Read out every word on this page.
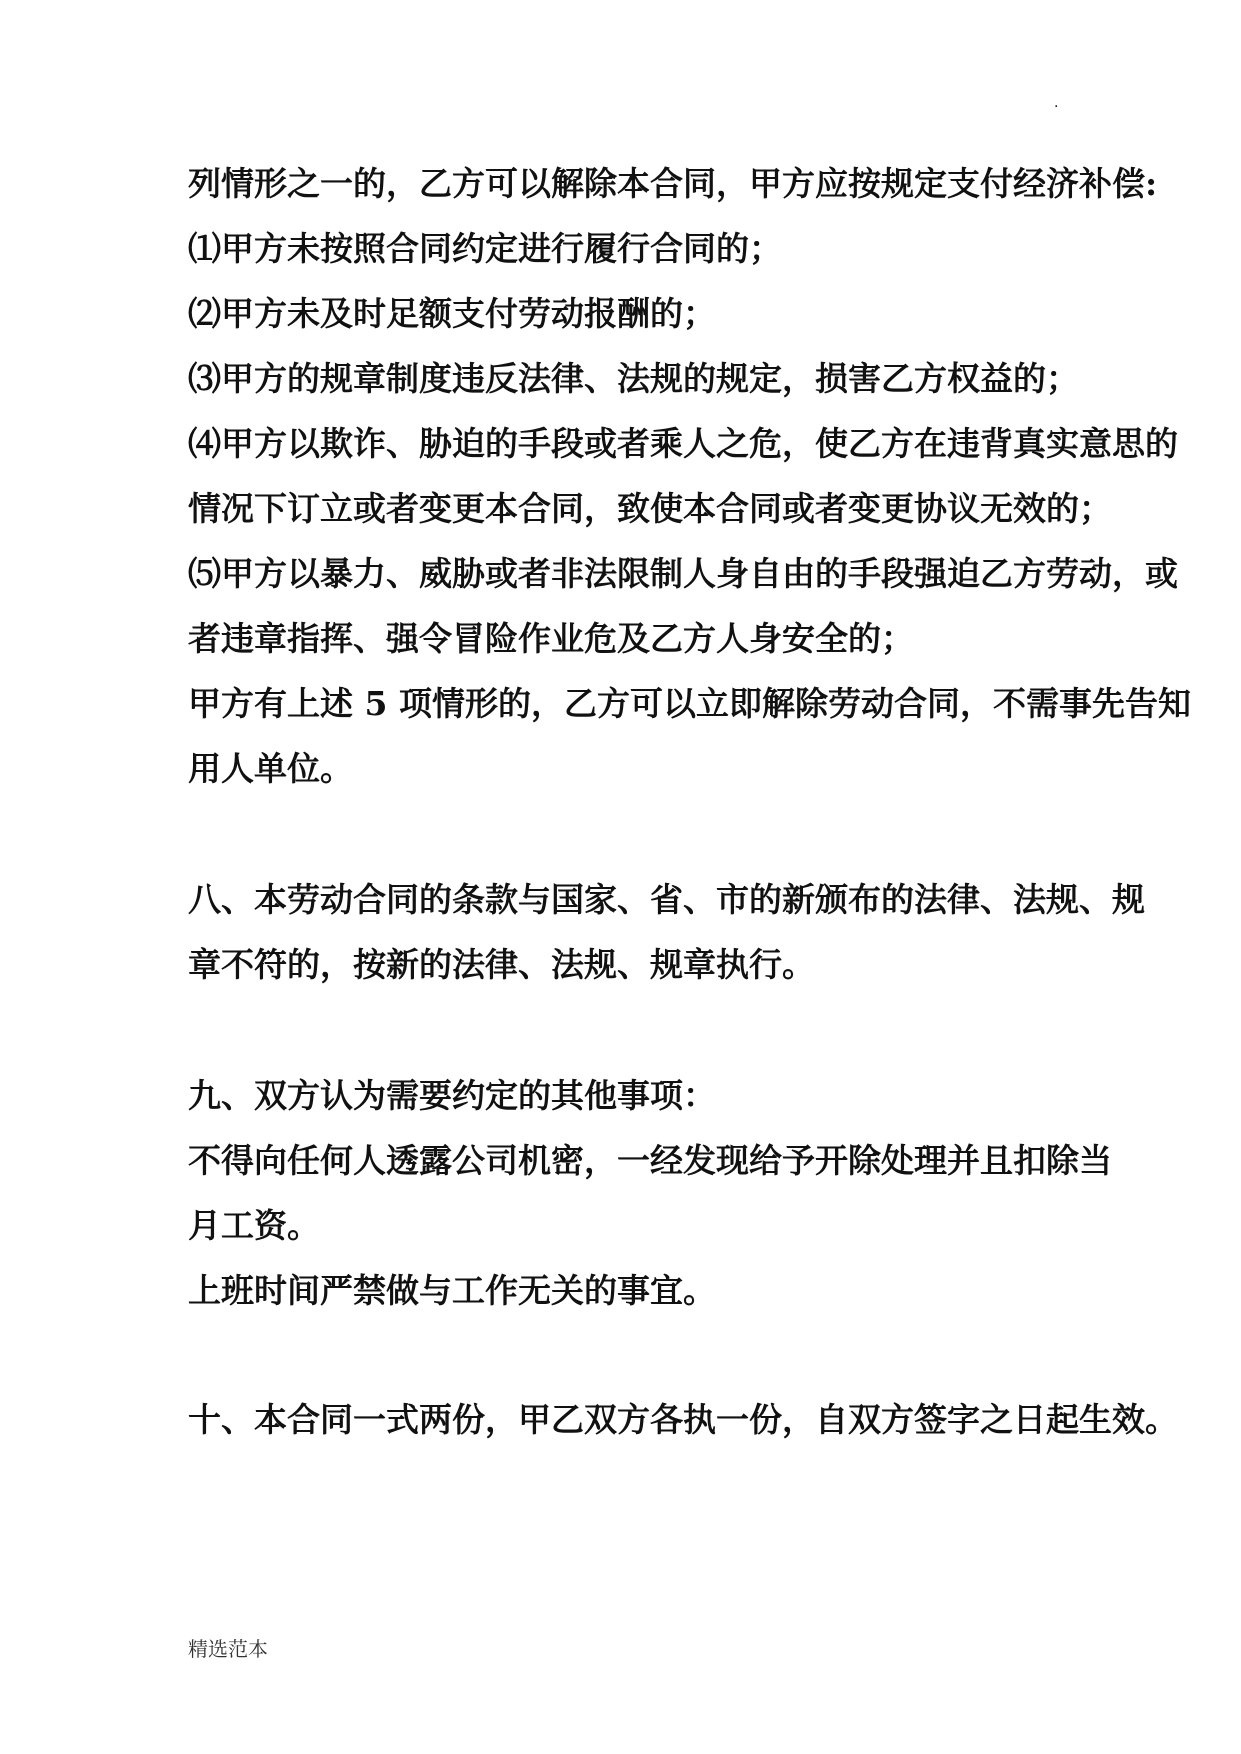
.
列情形之一的，乙方可以解除本合同，甲方应按规定支付经济补偿:
⑴甲方未按照合同约定进行履行合同的；
⑵甲方未及时足额支付劳动报酬的；
⑶甲方的规章制度违反法律、法规的规定，损害乙方权益的；
⑷甲方以欺诈、胁迫的手段或者乘人之危，使乙方在违背真实意思的
情况下订立或者变更本合同，致使本合同或者变更协议无效的；
⑸甲方以暴力、威胁或者非法限制人身自由的手段强迫乙方劳动，或
者违章指挥、强令冒险作业危及乙方人身安全的；
甲方有上述 5 项情形的，乙方可以立即解除劳动合同，不需事先告知
用人单位。
八、本劳动合同的条款与国家、省、市的新颁布的法律、法规、规
章不符的，按新的法律、法规、规章执行。
九、双方认为需要约定的其他事项：
不得向任何人透露公司机密，一经发现给予开除处理并且扣除当
月工资。
上班时间严禁做与工作无关的事宜。
十、本合同一式两份，甲乙双方各执一份，自双方签字之日起生效。
精选范本
